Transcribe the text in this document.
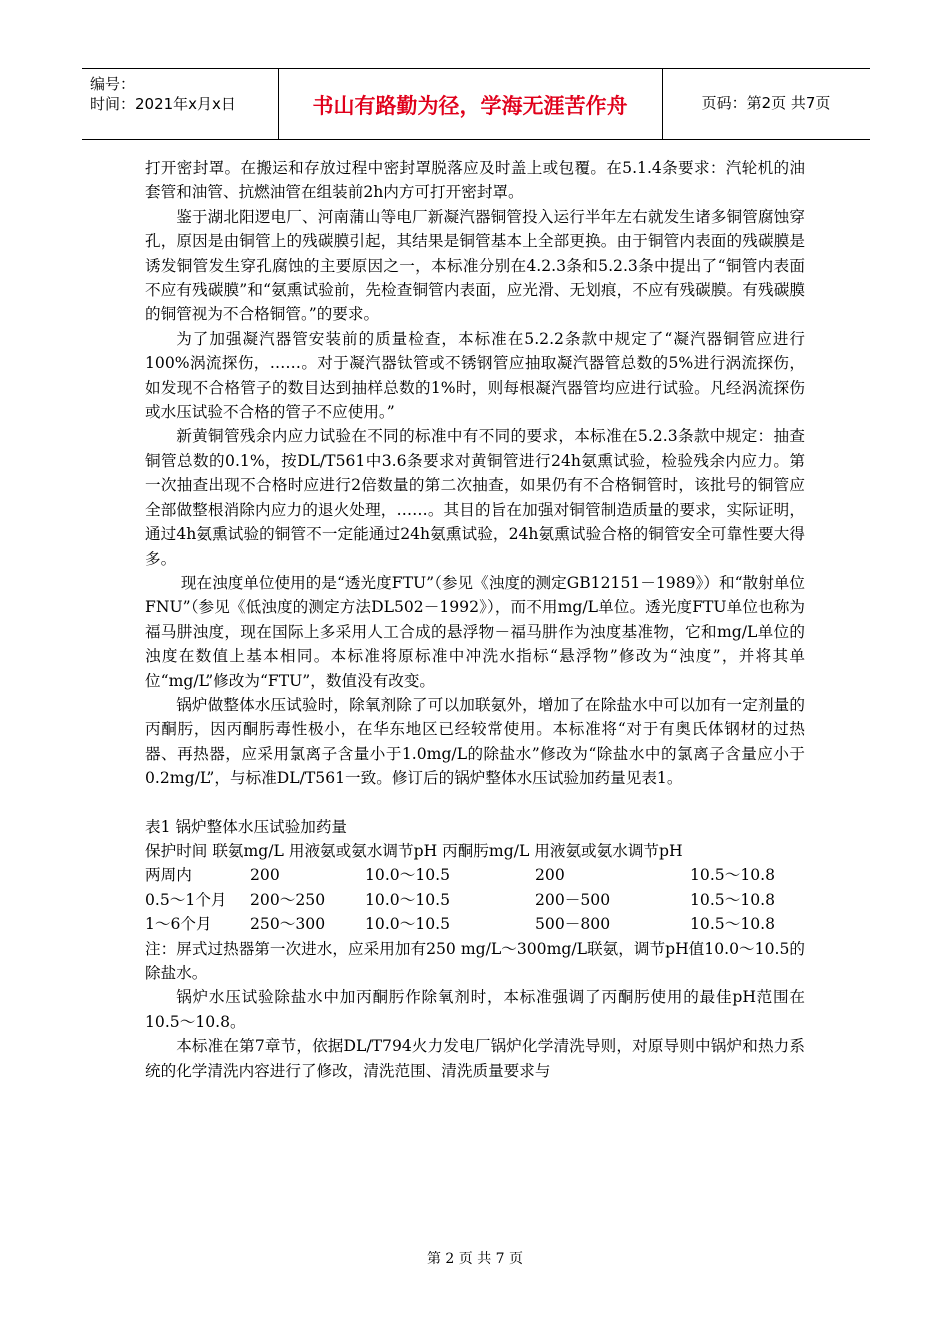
编号：
时间：2021年x月x日	书山有路勤为径，学海无涯苦作舟	页码：第2页 共7页

打开密封罩。在搬运和存放过程中密封罩脱落应及时盖上或包覆。在5.1.4条要求：汽轮机的油套管和油管、抗燃油管在组装前2h内方可打开密封罩。

鉴于湖北阳逻电厂、河南蒲山等电厂新凝汽器铜管投入运行半年左右就发生诸多铜管腐蚀穿孔，原因是由铜管上的残碳膜引起，其结果是铜管基本上全部更换。由于铜管内表面的残碳膜是诱发铜管发生穿孔腐蚀的主要原因之一，本标准分别在4.2.3条和5.2.3条中提出了“铜管内表面不应有残碳膜”和“氨熏试验前，先检查铜管内表面，应光滑、无划痕，不应有残碳膜。有残碳膜的铜管视为不合格铜管。”的要求。

为了加强凝汽器管安装前的质量检查，本标准在5.2.2条款中规定了“凝汽器铜管应进行100%涡流探伤，……。对于凝汽器钛管或不锈钢管应抽取凝汽器管总数的5%进行涡流探伤，如发现不合格管子的数目达到抽样总数的1%时，则每根凝汽器管均应进行试验。凡经涡流探伤或水压试验不合格的管子不应使用。”

新黄铜管残余内应力试验在不同的标准中有不同的要求，本标准在5.2.3条款中规定：抽查铜管总数的0.1%，按DL/T561中3.6条要求对黄铜管进行24h氨熏试验，检验残余内应力。第一次抽查出现不合格时应进行2倍数量的第二次抽查，如果仍有不合格铜管时，该批号的铜管应全部做整根消除内应力的退火处理，……。其目的旨在加强对铜管制造质量的要求，实际证明，通过4h氨熏试验的铜管不一定能通过24h氨熏试验，24h氨熏试验合格的铜管安全可靠性要大得多。

现在浊度单位使用的是“透光度FTU”（参见《浊度的测定GB12151－1989》）和“散射单位FNU”（参见《低浊度的测定方法DL502－1992》），而不用mg/L单位。透光度FTU单位也称为福马肼浊度，现在国际上多采用人工合成的悬浮物－福马肼作为浊度基准物，它和mg/L单位的浊度在数值上基本相同。本标准将原标准中冲洗水指标“悬浮物”修改为“浊度”，并将其单位“mg/L”修改为“FTU”，数值没有改变。

锅炉做整体水压试验时，除氧剂除了可以加联氨外，增加了在除盐水中可以加有一定剂量的丙酮肟，因丙酮肟毒性极小，在华东地区已经较常使用。本标准将“对于有奥氏体钢材的过热器、再热器，应采用氯离子含量小于1.0mg/L的除盐水”修改为“除盐水中的氯离子含量应小于0.2mg/L”，与标准DL/T561一致。修订后的锅炉整体水压试验加药量见表1。

表1 锅炉整体水压试验加药量

保护时间 联氨mg/L 用液氨或氨水调节pH 丙酮肟mg/L 用液氨或氨水调节pH
两周内	200	10.0～10.5	200	10.5～10.8
0.5～1个月	200～250	10.0～10.5	200－500	10.5～10.8
1～6个月	250～300	10.0～10.5	500－800	10.5～10.8

注：屏式过热器第一次进水，应采用加有250 mg/L～300mg/L联氨，调节pH值10.0～10.5的除盐水。

锅炉水压试验除盐水中加丙酮肟作除氧剂时，本标准强调了丙酮肟使用的最佳pH范围在10.5～10.8。

本标准在第7章节，依据DL/T794火力发电厂锅炉化学清洗导则，对原导则中锅炉和热力系统的化学清洗内容进行了修改，清洗范围、清洗质量要求与

第 2 页 共 7 页
